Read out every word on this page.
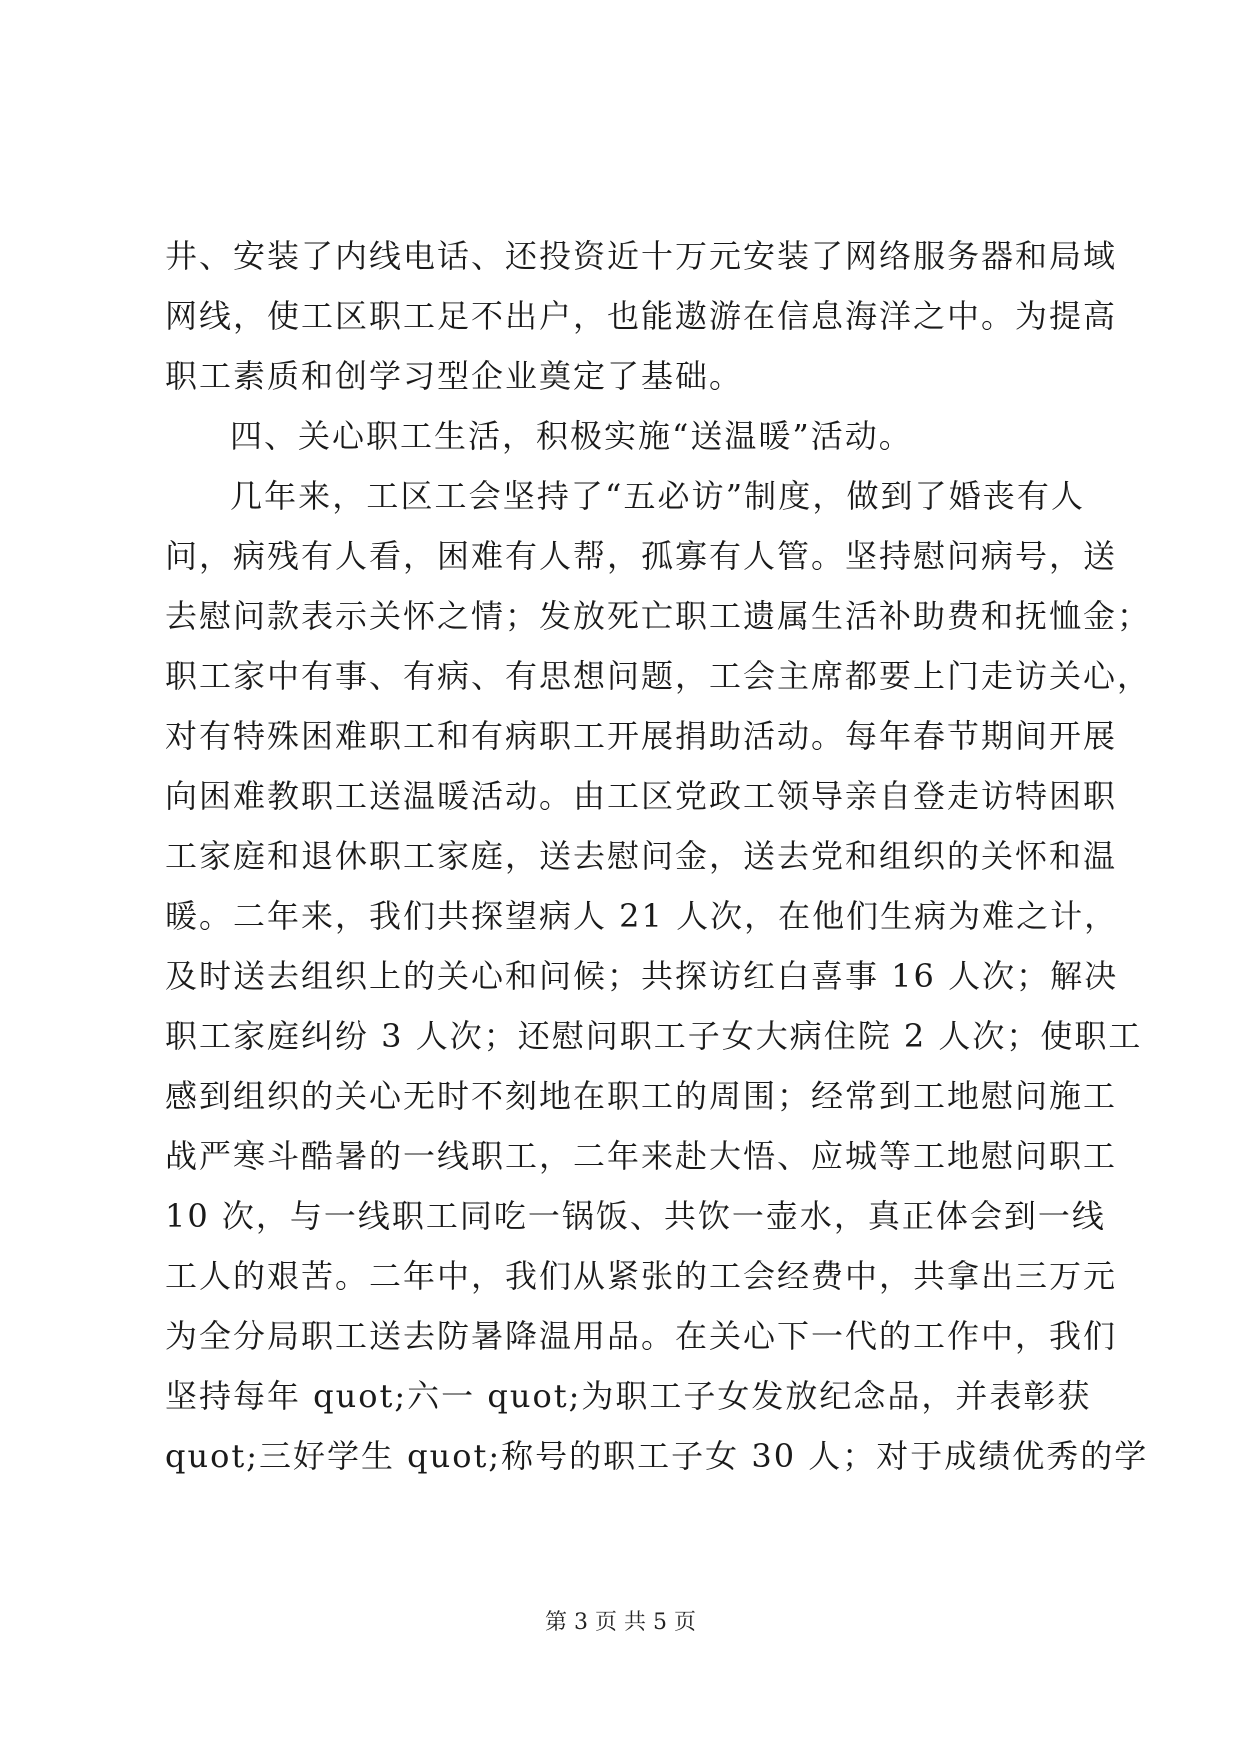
井、安装了内线电话、还投资近十万元安装了网络服务器和局域
网线，使工区职工足不出户，也能遨游在信息海洋之中。为提高
职工素质和创学习型企业奠定了基础。
四、关心职工生活，积极实施“送温暖”活动。
几年来，工区工会坚持了“五必访”制度，做到了婚丧有人
问，病残有人看，困难有人帮，孤寡有人管。坚持慰问病号，送
去慰问款表示关怀之情；发放死亡职工遗属生活补助费和抚恤金；
职工家中有事、有病、有思想问题，工会主席都要上门走访关心，
对有特殊困难职工和有病职工开展捐助活动。每年春节期间开展
向困难教职工送温暖活动。由工区党政工领导亲自登走访特困职
工家庭和退休职工家庭，送去慰问金，送去党和组织的关怀和温
暖。二年来，我们共探望病人 21 人次，在他们生病为难之计，
及时送去组织上的关心和问候；共探访红白喜事 16 人次；解决
职工家庭纠纷 3 人次；还慰问职工子女大病住院 2 人次；使职工
感到组织的关心无时不刻地在职工的周围；经常到工地慰问施工
战严寒斗酷暑的一线职工，二年来赴大悟、应城等工地慰问职工
10 次，与一线职工同吃一锅饭、共饮一壶水，真正体会到一线
工人的艰苦。二年中，我们从紧张的工会经费中，共拿出三万元
为全分局职工送去防暑降温用品。在关心下一代的工作中，我们
坚持每年 quot;六一 quot;为职工子女发放纪念品，并表彰获
quot;三好学生 quot;称号的职工子女 30 人；对于成绩优秀的学
第 3 页 共 5 页
